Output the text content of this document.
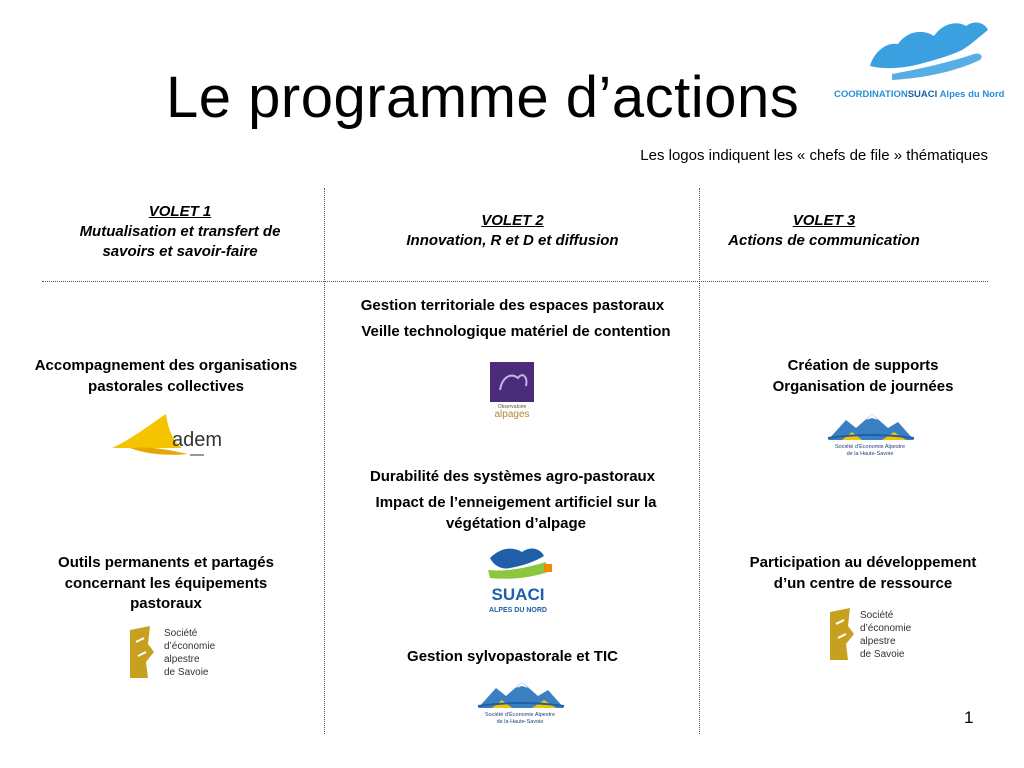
Le programme d’actions	COORDINATIONSUACI Alpes du Nord
Les logos indiquent les « chefs de file » thématiques
VOLET 1
Mutualisation et transfert de
savoirs et savoir-faire
VOLET 2
Innovation, R et D et diffusion
VOLET 3
Actions de communication
Accompagnement des organisations
pastorales collectives
adem
Outils permanents et partagés
concernant les équipements
pastoraux
Société
d’économie
alpestre
de Savoie
Gestion territoriale des espaces pastoraux
Veille technologique matériel de contention
Observatoire
alpages
Durabilité des systèmes agro-pastoraux
Impact de l’enneigement artificiel sur la
végétation d’alpage
SUACI
ALPES DU NORD
Gestion sylvopastorale et TIC
Société d’Économie Alpestre
de la Haute-Savoie
Création de supports
Organisation de journées
Société d’Économie Alpestre
de la Haute-Savoie
Participation au développement
d’un centre de ressource
Société
d’économie
alpestre
de Savoie
1
